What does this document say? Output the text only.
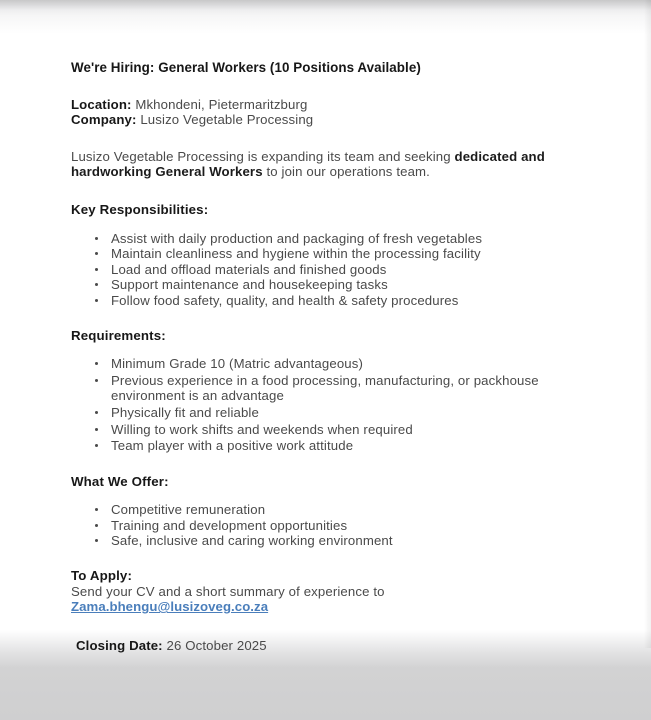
We're Hiring: General Workers (10 Positions Available)
Location: Mkhondeni, Pietermaritzburg
Company: Lusizo Vegetable Processing
Lusizo Vegetable Processing is expanding its team and seeking dedicated and hardworking General Workers to join our operations team.
Key Responsibilities:
Assist with daily production and packaging of fresh vegetables
Maintain cleanliness and hygiene within the processing facility
Load and offload materials and finished goods
Support maintenance and housekeeping tasks
Follow food safety, quality, and health & safety procedures
Requirements:
Minimum Grade 10 (Matric advantageous)
Previous experience in a food processing, manufacturing, or packhouse environment is an advantage
Physically fit and reliable
Willing to work shifts and weekends when required
Team player with a positive work attitude
What We Offer:
Competitive remuneration
Training and development opportunities
Safe, inclusive and caring working environment
To Apply:
Send your CV and a short summary of experience to
Zama.bhengu@lusizoveg.co.za
Closing Date: 26 October 2025
